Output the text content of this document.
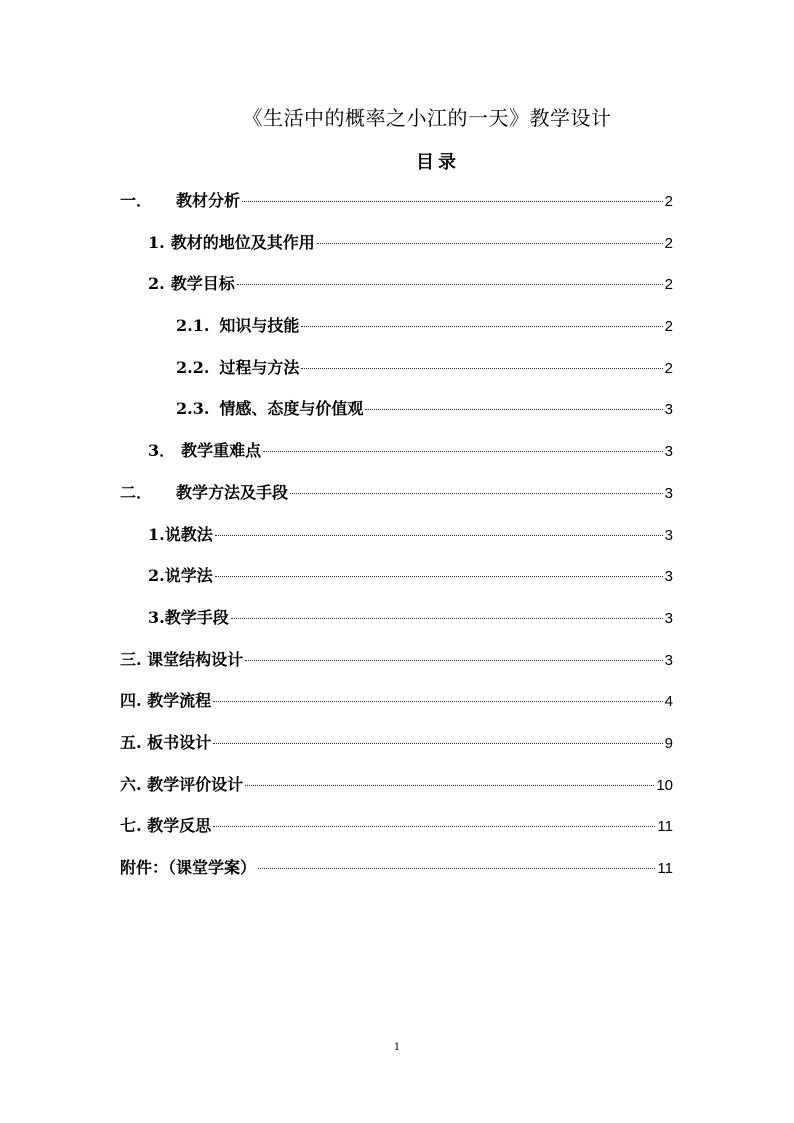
《生活中的概率之小江的一天》教学设计
目录
一． 教材分析	2
1. 教材的地位及其作用	2
2. 教学目标	2
2.1. 知识与技能	2
2.2. 过程与方法	2
2.3. 情感、态度与价值观	3
3． 教学重难点	3
二． 教学方法及手段	3
1.说教法	3
2.说学法	3
3.教学手段	3
三. 课堂结构设计	3
四. 教学流程	4
五. 板书设计	9
六. 教学评价设计	10
七. 教学反思	11
附件：（课堂学案）	11
1
